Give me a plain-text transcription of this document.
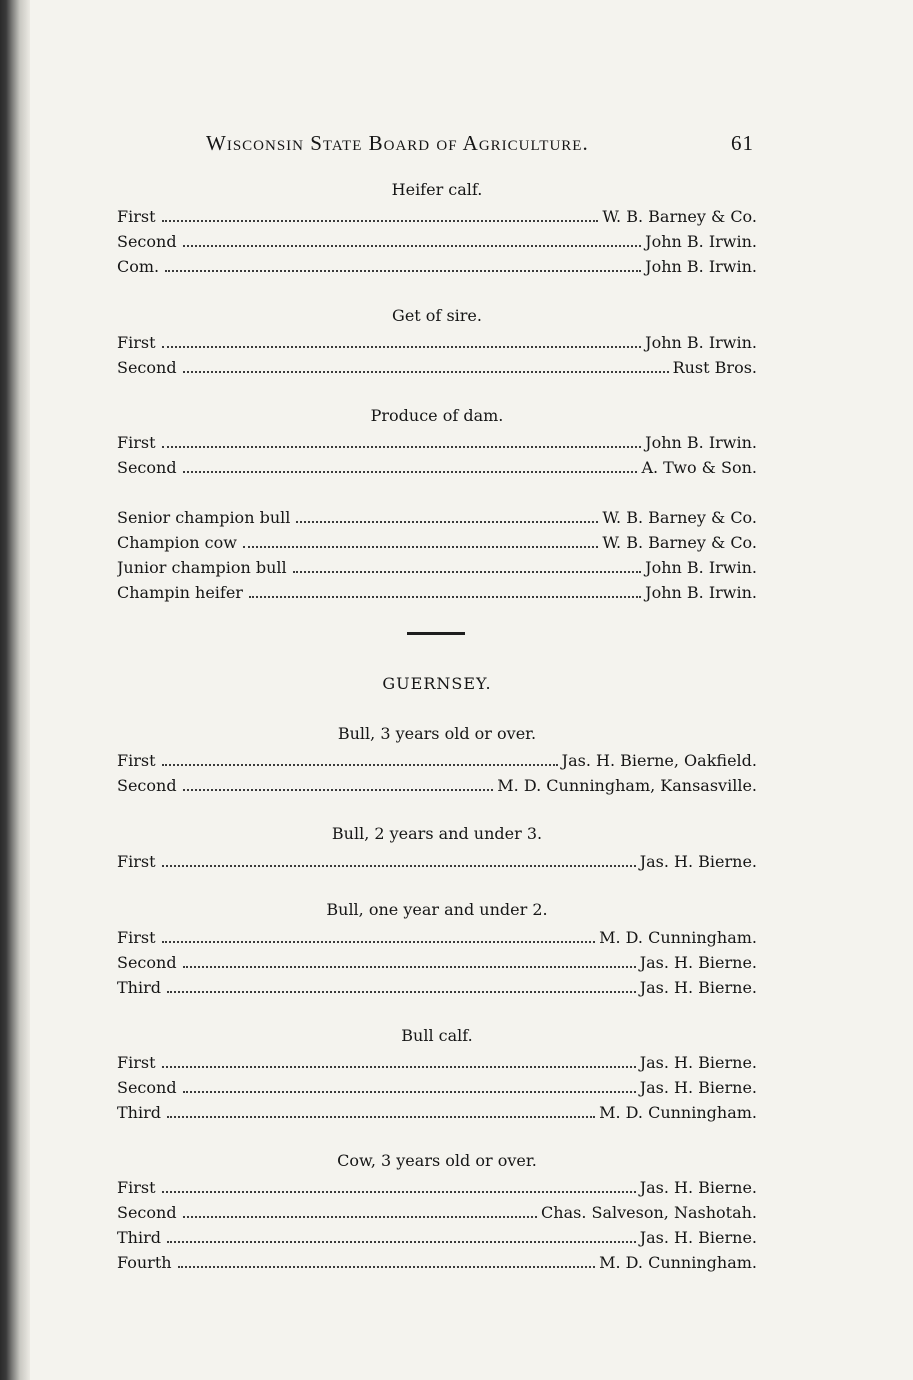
Wisconsin State Board of Agriculture.	61
Heifer calf.
First	W. B. Barney & Co.
Second	John B. Irwin.
Com.	John B. Irwin.
Get of sire.
First	John B. Irwin.
Second	Rust Bros.
Produce of dam.
First	John B. Irwin.
Second	A. Two & Son.
Senior champion bull	W. B. Barney & Co.
Champion cow	W. B. Barney & Co.
Junior champion bull	John B. Irwin.
Champin heifer	John B. Irwin.
GUERNSEY.
Bull, 3 years old or over.
First	Jas. H. Bierne, Oakfield.
Second	M. D. Cunningham, Kansasville.
Bull, 2 years and under 3.
First	Jas. H. Bierne.
Bull, one year and under 2.
First	M. D. Cunningham.
Second	Jas. H. Bierne.
Third	Jas. H. Bierne.
Bull calf.
First	Jas. H. Bierne.
Second	Jas. H. Bierne.
Third	M. D. Cunningham.
Cow, 3 years old or over.
First	Jas. H. Bierne.
Second	Chas. Salveson, Nashotah.
Third	Jas. H. Bierne.
Fourth	M. D. Cunningham.
